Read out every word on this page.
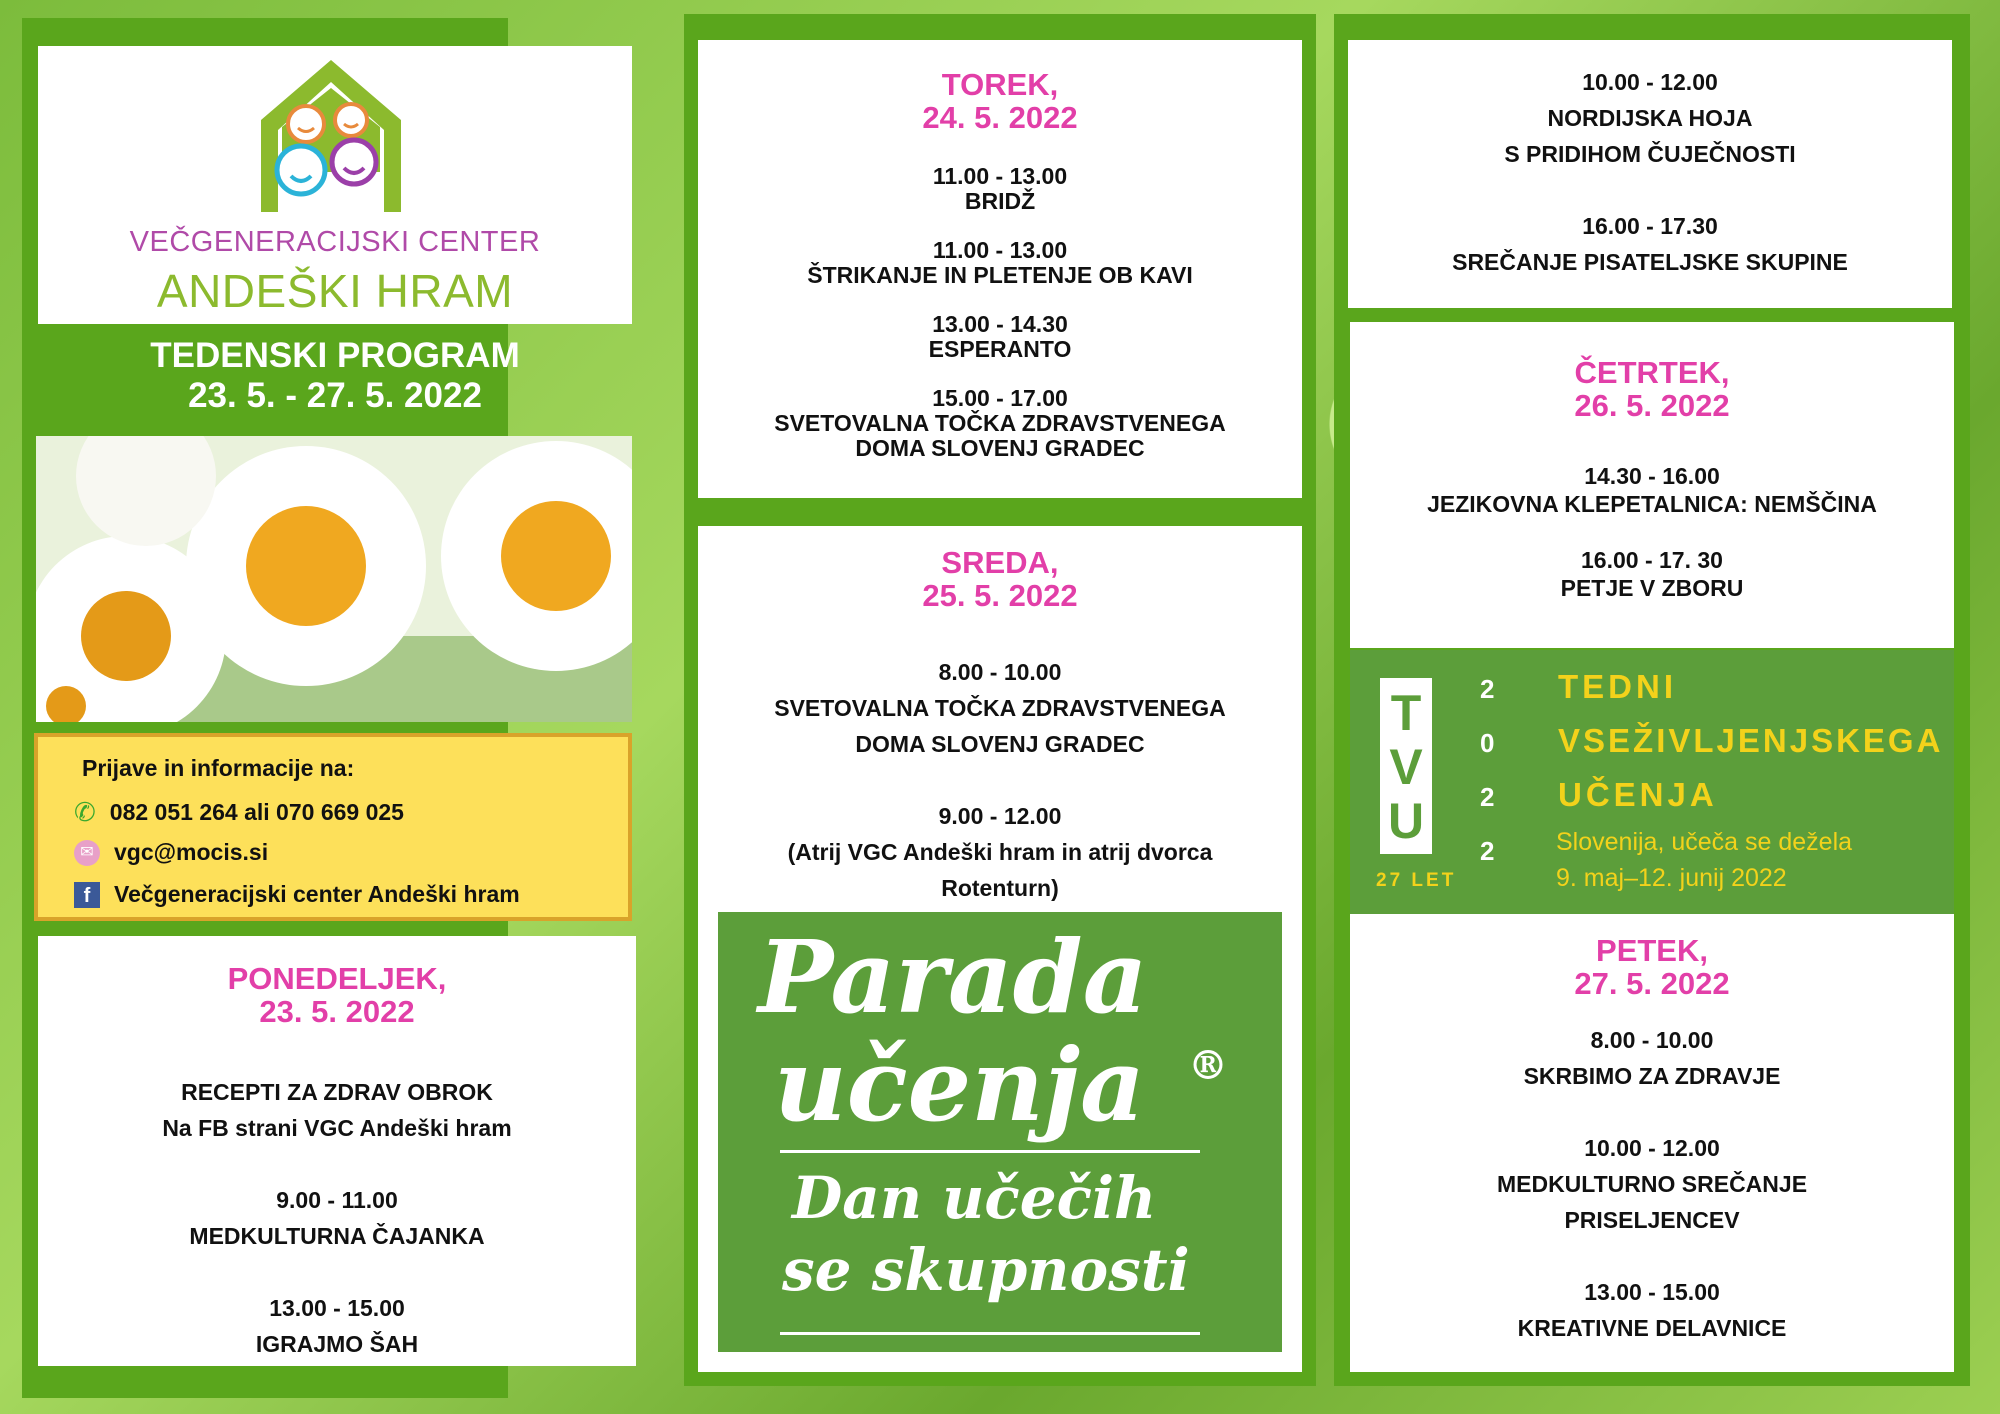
VEČGENERACIJSKI CENTER
ANDEŠKI HRAM
TEDENSKI PROGRAM
23. 5. - 27. 5. 2022
Prijave in informacije na:
✆ 082 051 264 ali 070 669 025
✉ vgc@mocis.si
f	Večgeneracijski center Andeški hram
PONEDELJEK,
23. 5. 2022
RECEPTI ZA ZDRAV OBROK
Na FB strani VGC Andeški hram
9.00 - 11.00
MEDKULTURNA ČAJANKA
13.00 - 15.00
IGRAJMO ŠAH
TOREK,
24. 5. 2022
11.00 - 13.00
BRIDŽ
11.00 - 13.00
ŠTRIKANJE IN PLETENJE OB KAVI
13.00 - 14.30
ESPERANTO
15.00 - 17.00
SVETOVALNA TOČKA ZDRAVSTVENEGA
DOMA SLOVENJ GRADEC
SREDA,
25. 5. 2022
8.00 - 10.00
SVETOVALNA TOČKA ZDRAVSTVENEGA
DOMA SLOVENJ GRADEC
9.00 - 12.00
(Atrij VGC Andeški hram in atrij dvorca
Rotenturn)
Parada
učenja ®
Dan učečih
se skupnosti
10.00 - 12.00
NORDIJSKA HOJA
S PRIDIHOM ČUJEČNOSTI
16.00 - 17.30
SREČANJE PISATELJSKE SKUPINE
ČETRTEK,
26. 5. 2022
14.30 - 16.00
JEZIKOVNA KLEPETALNICA: NEMŠČINA
16.00 - 17. 30
PETJE V ZBORU
T
V
U
2
0
2
2
27 LET
TEDNI
VSEŽIVLJENJSKEGA
UČENJA
Slovenija, učeča se dežela
9. maj–12. junij 2022
PETEK,
27. 5. 2022
8.00 - 10.00
SKRBIMO ZA ZDRAVJE
10.00 - 12.00
MEDKULTURNO SREČANJE
PRISELJENCEV
13.00 - 15.00
KREATIVNE DELAVNICE
